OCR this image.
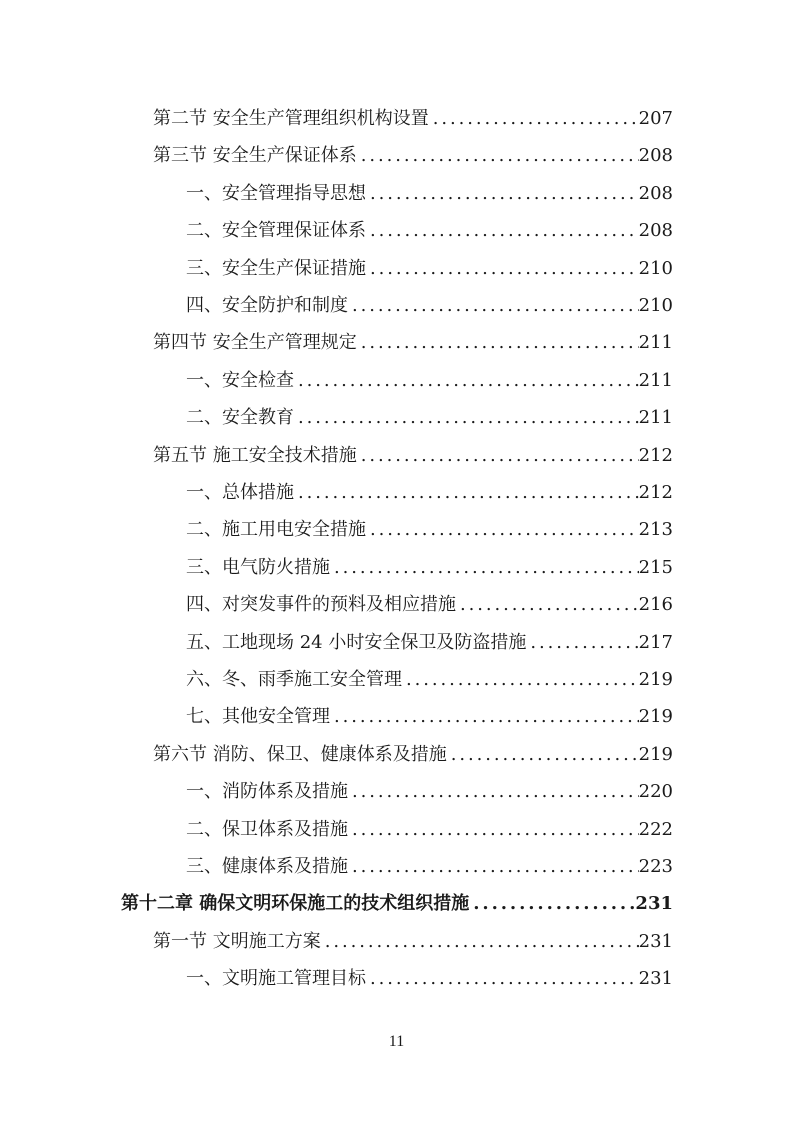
第二节 安全生产管理组织机构设置 .....	207
第三节 安全生产保证体系 .....	208
一、安全管理指导思想 .....	208
二、安全管理保证体系 .....	208
三、安全生产保证措施 .....	210
四、安全防护和制度 .....	210
第四节 安全生产管理规定 .....	211
一、安全检查 .....	211
二、安全教育 .....	211
第五节 施工安全技术措施 .....	212
一、总体措施 .....	212
二、施工用电安全措施 .....	213
三、电气防火措施 .....	215
四、对突发事件的预料及相应措施 .....	216
五、工地现场 24 小时安全保卫及防盗措施 .....	217
六、冬、雨季施工安全管理 .....	219
七、其他安全管理 .....	219
第六节 消防、保卫、健康体系及措施 .....	219
一、消防体系及措施 .....	220
二、保卫体系及措施 .....	222
三、健康体系及措施 .....	223
第十二章 确保文明环保施工的技术组织措施 .....	231
第一节 文明施工方案 .....	231
一、文明施工管理目标 .....	231
11
